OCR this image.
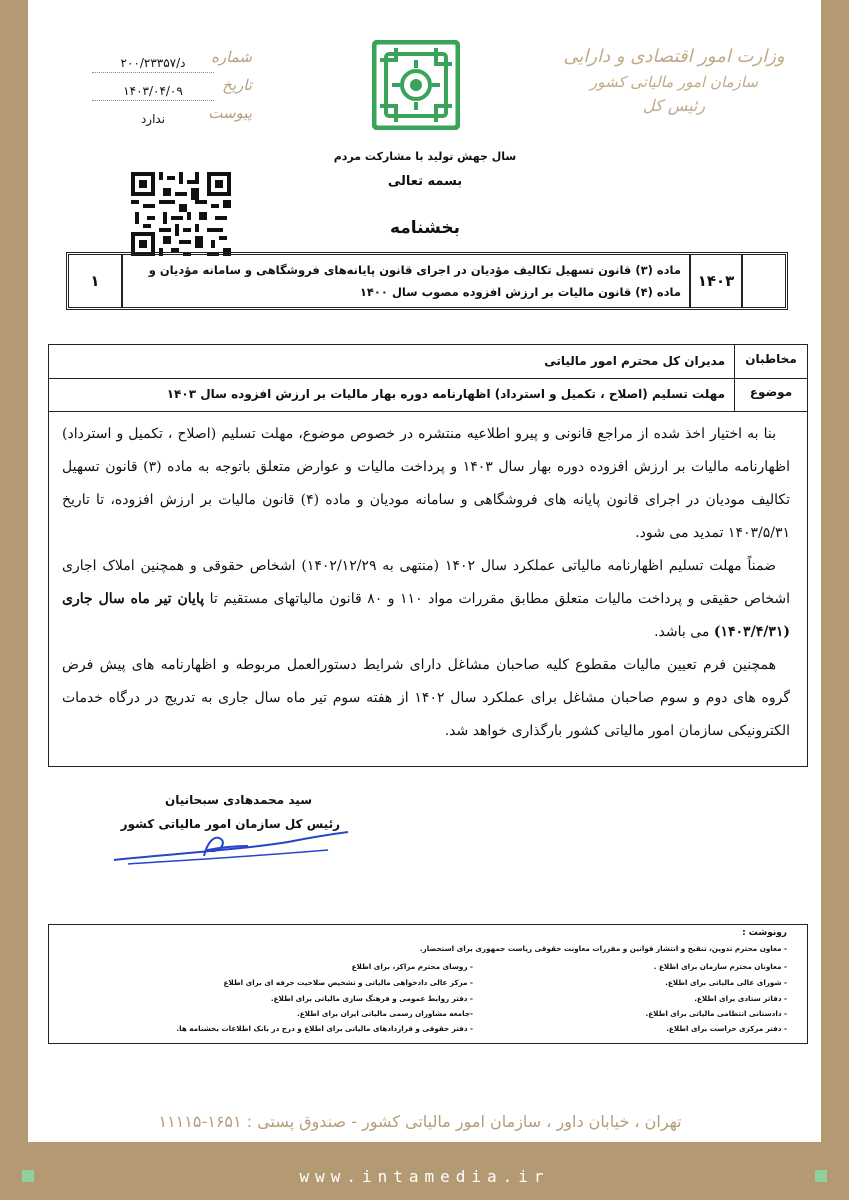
وزارت امور اقتصادی و دارایی
سازمان امور مالیاتی کشور
رئیس کل
شماره
د/۲۰۰/۲۳۳۵۷
تاریخ
۱۴۰۳/۰۴/۰۹
پیوست
ندارد
سال جهش تولید با مشارکت مردم
بسمه تعالی
بخشنامه
۱۴۰۳
ماده (۳) قانون تسهیل تکالیف مؤدیان در اجرای قانون پایانه‌های فروشگاهی و سامانه مؤدیان و ماده (۴) قانون مالیات بر ارزش افزوده مصوب سال ۱۴۰۰
۱
مخاطبان
مدیران کل محترم امور مالیاتی
موضوع
مهلت تسلیم (اصلاح ، تکمیل و استرداد) اظهارنامه دوره بهار مالیات بر ارزش افزوده سال ۱۴۰۳

بنا به اختیار اخذ شده از مراجع قانونی و پیرو اطلاعیه منتشره در خصوص موضوع، مهلت تسلیم (اصلاح ، تکمیل و استرداد) اظهارنامه مالیات بر ارزش افزوده دوره بهار سال ۱۴۰۳ و پرداخت مالیات و عوارض متعلق باتوجه به ماده (۳) قانون تسهیل تکالیف مودیان در اجرای قانون پایانه های فروشگاهی و سامانه مودیان و ماده (۴) قانون مالیات بر ارزش افزوده، تا تاریخ ۱۴۰۳/۵/۳۱ تمدید می شود.

ضمناً مهلت تسلیم اظهارنامه مالیاتی عملکرد سال ۱۴۰۲ (منتهی به ۱۴۰۲/۱۲/۲۹) اشخاص حقوقی و همچنین املاک اجاری اشخاص حقیقی و پرداخت مالیات متعلق مطابق مقررات مواد ۱۱۰ و ۸۰ قانون مالیاتهای مستقیم تا پایان تیر ماه سال جاری (۱۴۰۳/۴/۳۱) می باشد.

همچنین فرم تعیین مالیات مقطوع کلیه صاحبان مشاغل دارای شرایط دستورالعمل مربوطه و اظهارنامه های پیش فرض گروه های دوم و سوم صاحبان مشاغل برای عملکرد سال ۱۴۰۲ از هفته سوم تیر ماه سال جاری به تدریج در درگاه خدمات الکترونیکی سازمان امور مالیاتی کشور بارگذاری خواهد شد.

سید محمدهادی سبحانیان
رئیس کل سازمان امور مالیاتی کشور
رونوشت :
- معاون محترم تدوین، تنقیح و انتشار قوانین و مقررات معاونت حقوقی ریاست جمهوری برای استحضار.
- معاونان محترم سازمان برای اطلاع .
- شورای عالی مالیاتی برای اطلاع.
- دفاتر ستادی برای اطلاع.
- دادستانی انتظامی مالیاتی برای اطلاع.
- دفتر مرکزی حراست برای اطلاع.
- روسای محترم مراکز، برای اطلاع
- مرکز عالی دادخواهی مالیاتی و تشخیص صلاحیت حرفه ای برای اطلاع
- دفتر روابط عمومی و فرهنگ سازی مالیاتی برای اطلاع.
-جامعه مشاوران رسمی مالیاتی ایران برای اطلاع.
- دفتر حقوقی و قراردادهای مالیاتی برای اطلاع و درج در بانک اطلاعات بخشنامه ها.
تهران ، خیابان داور ، سازمان امور مالیاتی کشور - صندوق پستی : ۱۶۵۱-۱۱۱۱۵
www.intamedia.ir
